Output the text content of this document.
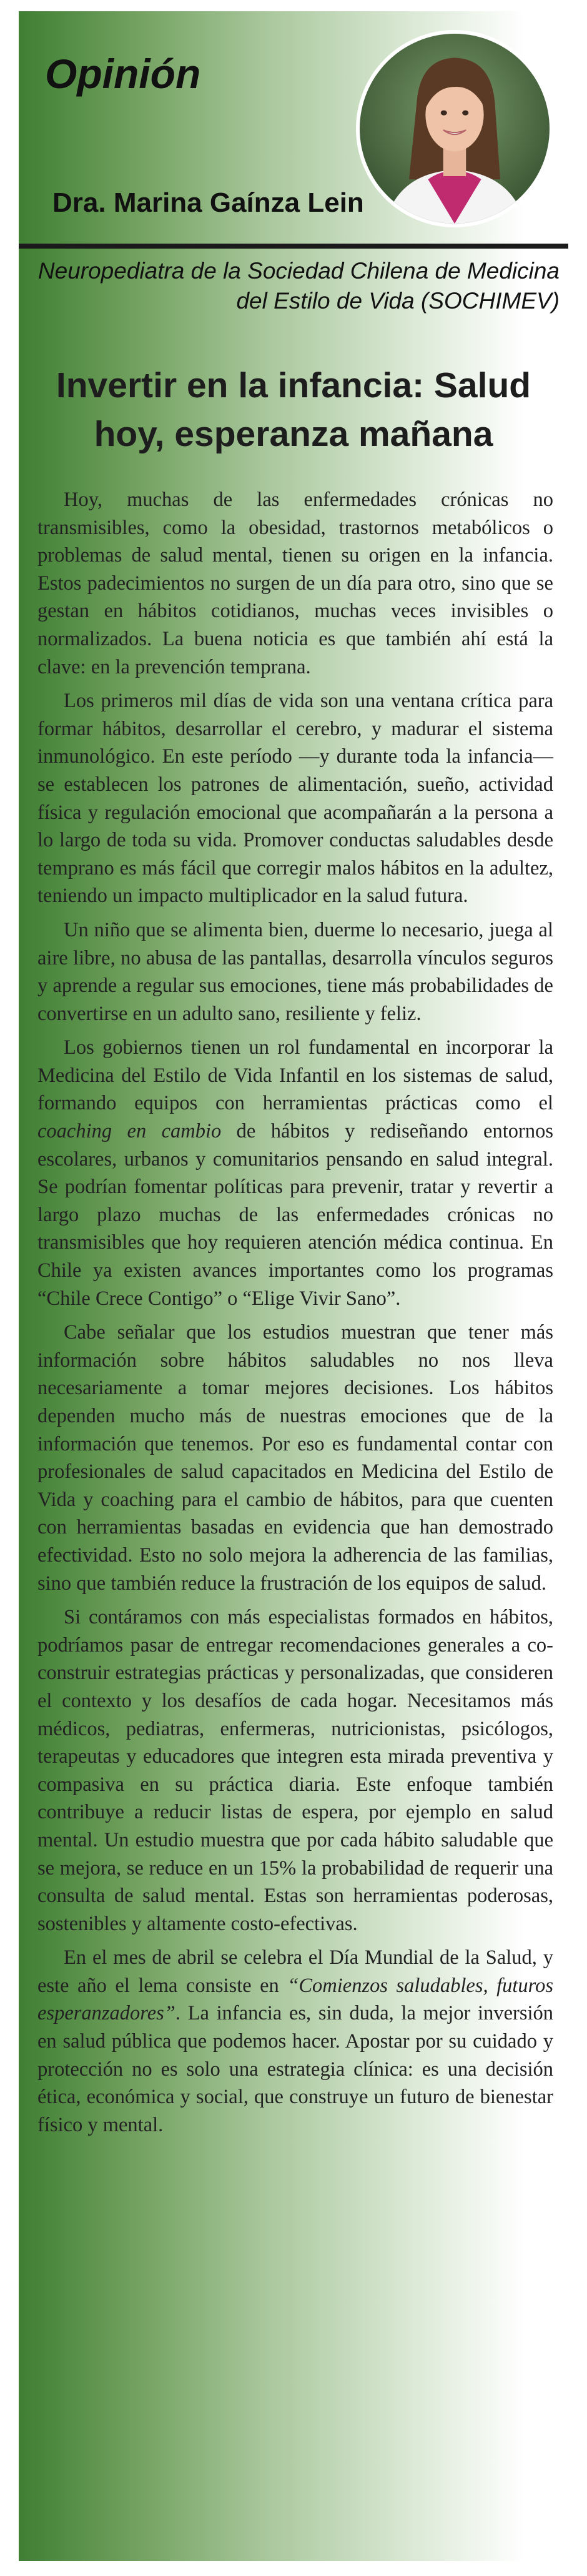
Opinión
Dra. Marina Gaínza Lein
Neuropediatra de la Sociedad Chilena de Medicina del Estilo de Vida (SOCHIMEV)
Invertir en la infancia: Salud hoy, esperanza mañana

Hoy, muchas de las enfermedades crónicas no transmisibles, como la obesidad, trastornos metabólicos o problemas de salud mental, tienen su origen en la infancia. Estos padecimientos no surgen de un día para otro, sino que se gestan en hábitos cotidianos, muchas veces invisibles o normalizados. La buena noticia es que también ahí está la clave: en la prevención temprana.

Los primeros mil días de vida son una ventana crítica para formar hábitos, desarrollar el cerebro, y madurar el sistema inmunológico. En este período —y durante toda la infancia— se establecen los patrones de alimentación, sueño, actividad física y regulación emocional que acompañarán a la persona a lo largo de toda su vida. Promover conductas saludables desde temprano es más fácil que corregir malos hábitos en la adultez, teniendo un impacto multiplicador en la salud futura.

Un niño que se alimenta bien, duerme lo necesario, juega al aire libre, no abusa de las pantallas, desarrolla vínculos seguros y aprende a regular sus emociones, tiene más probabilidades de convertirse en un adulto sano, resiliente y feliz.

Los gobiernos tienen un rol fundamental en incorporar la Medicina del Estilo de Vida Infantil en los sistemas de salud, formando equipos con herramientas prácticas como el coaching en cambio de hábitos y rediseñando entornos escolares, urbanos y comunitarios pensando en salud integral. Se podrían fomentar políticas para prevenir, tratar y revertir a largo plazo muchas de las enfermedades crónicas no transmisibles que hoy requieren atención médica continua. En Chile ya existen avances importantes como los programas “Chile Crece Contigo” o “Elige Vivir Sano”.

Cabe señalar que los estudios muestran que tener más información sobre hábitos saludables no nos lleva necesariamente a tomar mejores decisiones. Los hábitos dependen mucho más de nuestras emociones que de la información que tenemos. Por eso es fundamental contar con profesionales de salud capacitados en Medicina del Estilo de Vida y coaching para el cambio de hábitos, para que cuenten con herramientas basadas en evidencia que han demostrado efectividad. Esto no solo mejora la adherencia de las familias, sino que también reduce la frustración de los equipos de salud.

Si contáramos con más especialistas formados en hábitos, podríamos pasar de entregar recomendaciones generales a co-construir estrategias prácticas y personalizadas, que consideren el contexto y los desafíos de cada hogar. Necesitamos más médicos, pediatras, enfermeras, nutricionistas, psicólogos, terapeutas y educadores que integren esta mirada preventiva y compasiva en su práctica diaria. Este enfoque también contribuye a reducir listas de espera, por ejemplo en salud mental. Un estudio muestra que por cada hábito saludable que se mejora, se reduce en un 15% la probabilidad de requerir una consulta de salud mental. Estas son herramientas poderosas, sostenibles y altamente costo-efectivas.

En el mes de abril se celebra el Día Mundial de la Salud, y este año el lema consiste en “Comienzos saludables, futuros esperanzadores”. La infancia es, sin duda, la mejor inversión en salud pública que podemos hacer. Apostar por su cuidado y protección no es solo una estrategia clínica: es una decisión ética, económica y social, que construye un futuro de bienestar físico y mental.
